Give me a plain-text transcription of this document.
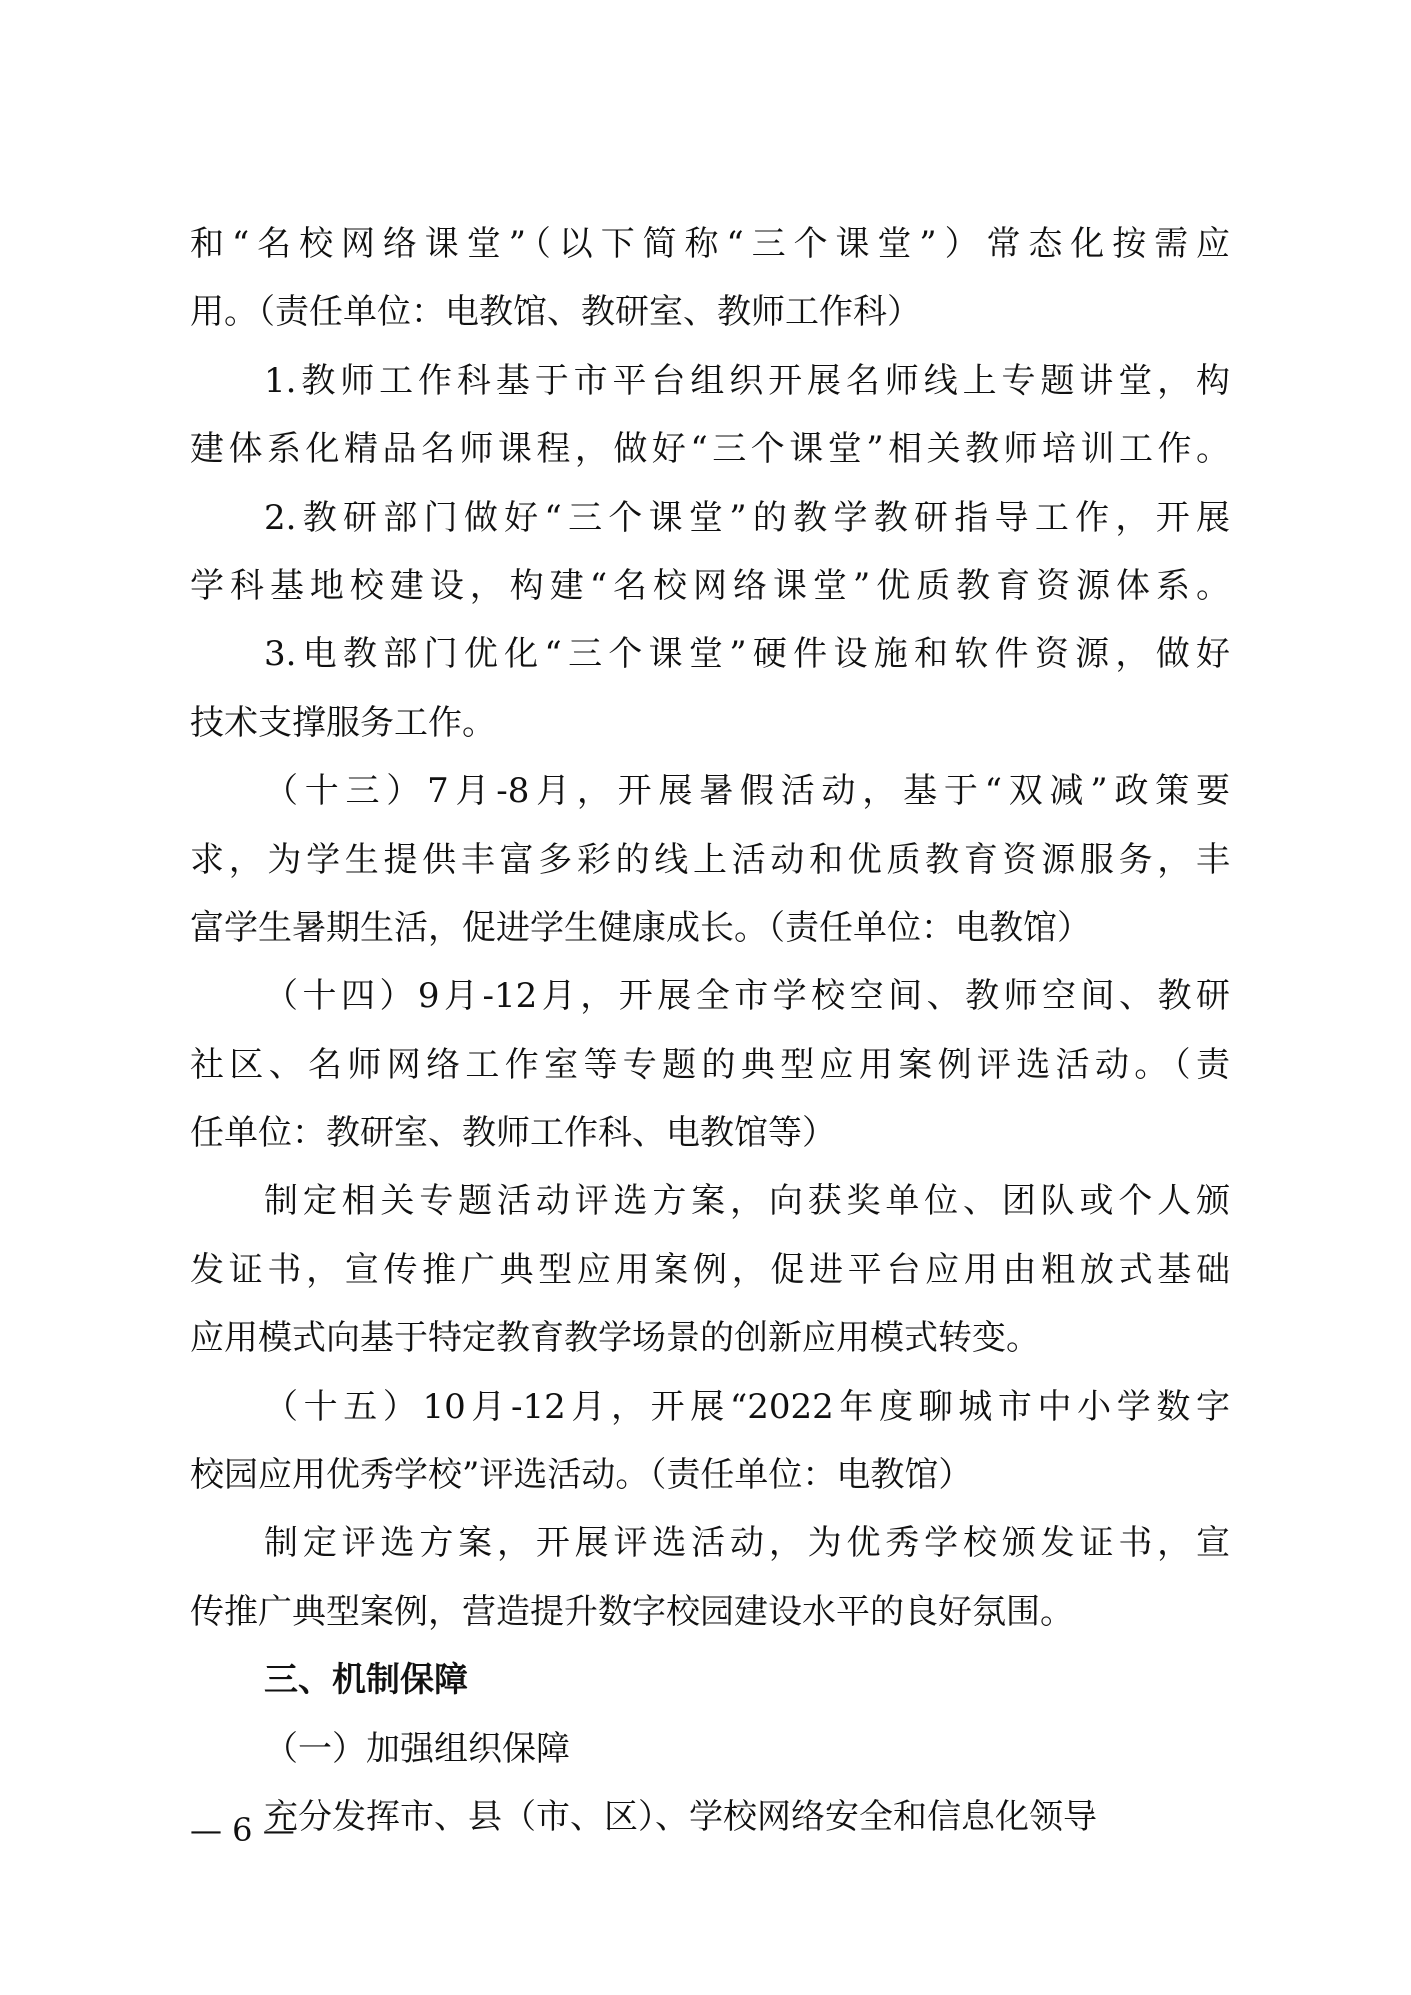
和“名校网络课堂”（以下简称“三个课堂”）常态化按需应
用。（责任单位：电教馆、教研室、教师工作科）
1.教师工作科基于市平台组织开展名师线上专题讲堂，构
建体系化精品名师课程，做好“三个课堂”相关教师培训工作。
2.教研部门做好“三个课堂”的教学教研指导工作，开展
学科基地校建设，构建“名校网络课堂”优质教育资源体系。
3.电教部门优化“三个课堂”硬件设施和软件资源，做好
技术支撑服务工作。
（十三）7月-8月，开展暑假活动，基于“双减”政策要
求，为学生提供丰富多彩的线上活动和优质教育资源服务，丰
富学生暑期生活，促进学生健康成长。（责任单位：电教馆）
（十四）9月-12月，开展全市学校空间、教师空间、教研
社区、名师网络工作室等专题的典型应用案例评选活动。（责
任单位：教研室、教师工作科、电教馆等）
制定相关专题活动评选方案，向获奖单位、团队或个人颁
发证书，宣传推广典型应用案例，促进平台应用由粗放式基础
应用模式向基于特定教育教学场景的创新应用模式转变。
（十五）10月-12月，开展“2022年度聊城市中小学数字
校园应用优秀学校”评选活动。（责任单位：电教馆）
制定评选方案，开展评选活动，为优秀学校颁发证书，宣
传推广典型案例，营造提升数字校园建设水平的良好氛围。
三、机制保障
（一）加强组织保障
充分发挥市、县（市、区）、学校网络安全和信息化领导
— 6 —
